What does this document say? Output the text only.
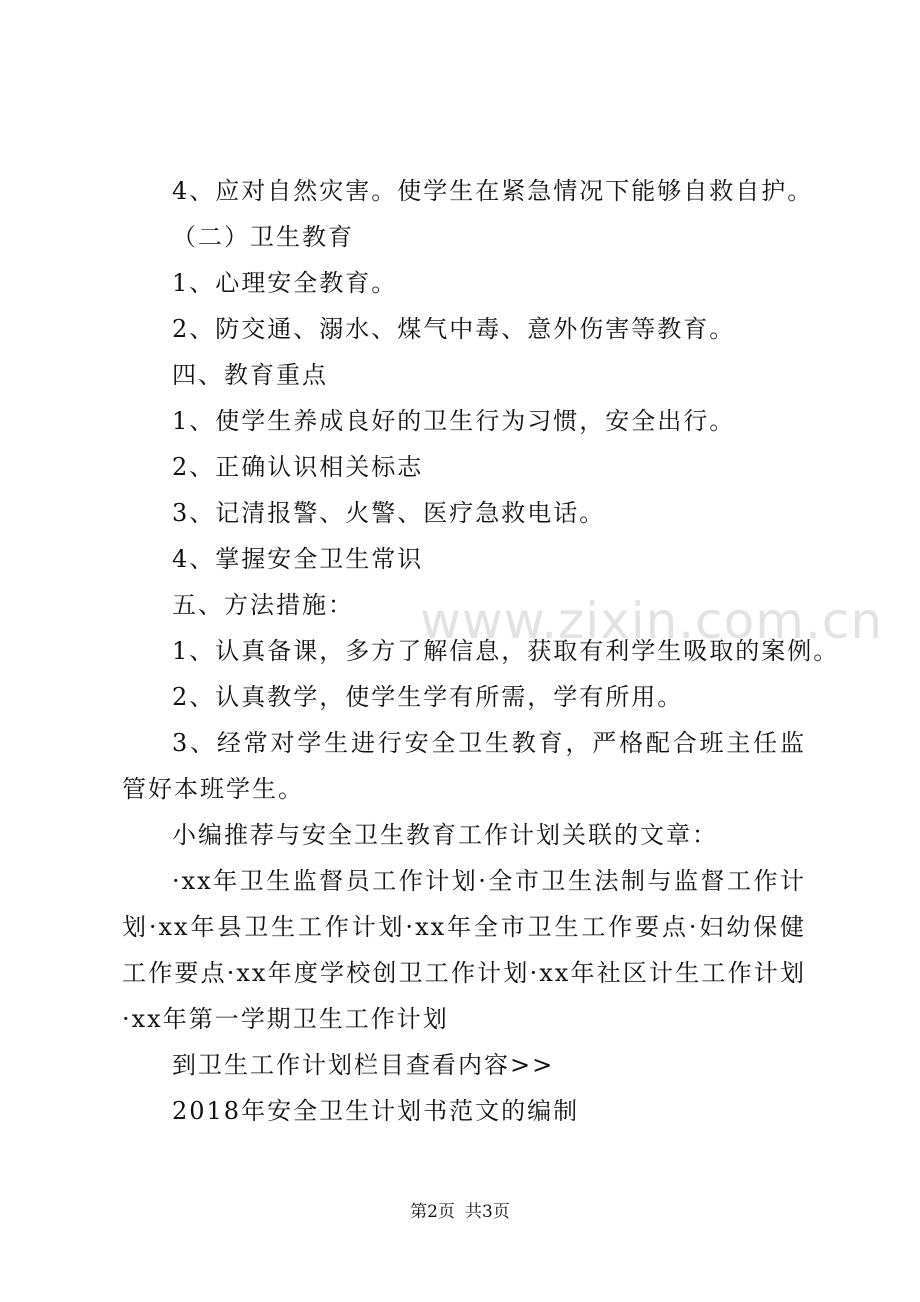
4、应对自然灾害。使学生在紧急情况下能够自救自护。
（二）卫生教育
1、心理安全教育。
2、防交通、溺水、煤气中毒、意外伤害等教育。
四、教育重点
1、使学生养成良好的卫生行为习惯，安全出行。
2、正确认识相关标志
3、记清报警、火警、医疗急救电话。
4、掌握安全卫生常识
五、方法措施：
1、认真备课，多方了解信息，获取有利学生吸取的案例。
2、认真教学，使学生学有所需，学有所用。
3、经常对学生进行安全卫生教育，严格配合班主任监管好本班学生。
小编推荐与安全卫生教育工作计划关联的文章：
·xx年卫生监督员工作计划·全市卫生法制与监督工作计划·xx年县卫生工作计划·xx年全市卫生工作要点·妇幼保健工作要点·xx年度学校创卫工作计划·xx年社区计生工作计划·xx年第一学期卫生工作计划
到卫生工作计划栏目查看内容>>
2018年安全卫生计划书范文的编制
www.zixin.com.cn
第2页 共3页
